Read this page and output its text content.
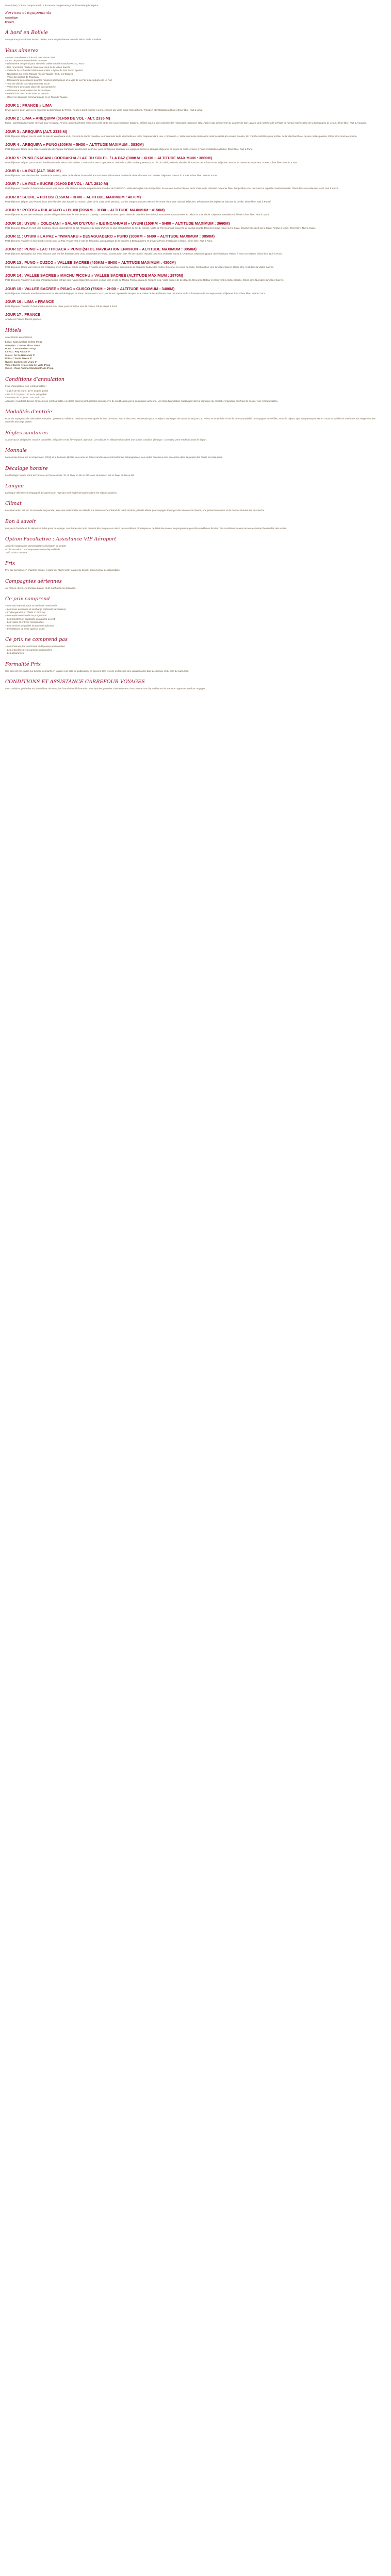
Description (1 à une composante) : 1 à une une composante pour formulaire (Livre) peru
Services et équipements
Conseiliger
Enquiry
À bord en Bolivie
Le royaume poussément de non petites, sous les plus beaux rates du Pérou et de la Bolivie.
Vous aimerez
– À vos connaissance à le voir pour de sa coter
– C'est de penser ensemble le tourisme
– Découverte des principaux site de la Vallée Sacrée / Machu Picchu, Puno
– Des rencontres hôtelles contes au cœur de la Vallée Sacrée
– Visite de la « Chapelle Sixtine des Andes » église de San Pedro Apóstol
– Navigation sur le lac Titicaca / île de Taquile / le 8 / les Tarqués
– Visite des jardins de Tiwanaku
– Découverte des espaces pour les maisons géologiques et la ville de La Paz à la coutume de La Paz
– Tour de ville de Cochabamba bata Sucre
– Visite d'une des super place de sous propriété
– Découverte du cimetière des locomotives
– Balade à la marche de Salar au Ojo Dé
– Observer dans une communautaire en le Tous de Tauqué
JOUR 1 : FRANCE » LIMA
Envol avec le pour: vers en le rayonner la desirbeaux du Pérou. Repas à bord. Arrivée à Lima. Accueil par votre guide francophone. Transfert et installation à l'hôtel. Dîner libre. Nuit à Lima.
JOUR 2 : LIMA » AREQUIPA (01H50 DE VOL - ALT. 2335 M)
Matin : transfert à l'aéroport et envol pour Arequipa. Arrivée, accueil à l'hôtel. Visite de la ville et de son couvent Sainte-Catalina, célébré pour la cité coloniale des religieuses. Déjeuner libre. Après-midi, découverte du quartier de San Lazaro, des marchés de la Plaza de Armas et de l'église de la Compagnie de Jésus. Dîner libre. Nuit à Arequipa.
JOUR 3 : AREQUIPA (ALT. 2335 M)
Petit-déjeuner. Départ pour la visite du site de Yanahuara et du couvent de Santa Catalina, un monument de la ville fondé en 1579. Déjeuner dans une « Picantería ». Visite du musée Santuarios Andinos dédié à la momie Juanita. Fin d'après-midi libre pour profiter de la ville blanche et de ses ruelles pavées. Dîner libre. Nuit à Arequipa.
JOUR 4 : AREQUIPA » PUNO (200KM – 5H30 – ALTITUDE MAXIMUM : 3830M)
Petit-déjeuner. Route de la réserve naturelle de Pampa Cañahuas en direction de Puno, avec arrêts pour observer les vigognes, lamas et alpagas. Déjeuner en cours de route. Arrivée à Puno. Installation à l'hôtel. Dîner libre. Nuit à Puno.
JOUR 5 : PUNO / KASANI / CORDAKHA / LAC DU SOLEIL / LA PAZ (300KM – 6H30 – ALTITUDE MAXIMUM : 3860M)
Petit-déjeuner. Départ pour Kasani, frontière entre le Pérou et la Bolivie. Continuation vers Copacabana. Visite de la ville. Embarquement pour l'île du Soleil, visite du site de Chincana et des ruines incas. Déjeuner. Retour en bateau et route vers La Paz. Dîner libre. Nuit à La Paz.
JOUR 6 : LA PAZ (ALT. 3640 M)
Petit-déjeuner. Journée dans les quartiers de La Paz, visite de la ville et du marché aux sorcières. Découverte du site de Tiwanaku avec son musée. Déjeuner. Retour à La Paz. Dîner libre. Nuit à La Paz.
JOUR 7 : LA PAZ » SUCRE (01H00 DE VOL - ALT. 2810 M)
Petit-déjeuner. Transfert à l'aéroport et envol vers Sucre, ville blanche inscrite au patrimoine mondial de l'UNESCO. Visite de l'église San Felipe Neri, du couvent La Recoleta et de la Casa de la Libertad. Déjeuner libre. Temps libre pour découvrir la capitale constitutionnelle. Dîner dans un restaurant local. Nuit à Sucre.
JOUR 8 : SUCRE » POTOSI (155KM – 3H00 – ALTITUDE MAXIMUM : 4070M)
Petit-déjeuner. Départ pour Potosí, l'une des villes les plus hautes du monde. Visite de la Casa de la Moneda, la mine d'argent du Cerro Rico et le centre historique colonial. Déjeuner. Découverte des églises et balcons de la ville. Dîner libre. Nuit à Potosí.
JOUR 9 : POTOSI » PULACAYO » UYUNI (205KM – 3H30 – ALTITUDE MAXIMUM : 4150M)
Petit-déjeuner. Route vers Pulacayo, ancien village minier avec le train de Butch Cassidy. Continuation vers Uyuni. Visite du cimetière des trains, locomotives abandonnées au début du XXe siècle. Déjeuner. Installation à l'hôtel. Dîner libre. Nuit à Uyuni.
JOUR 10 : UYUNI » COLCHANI » SALAR D'UYUNI » ILE INCAHUASI » UYUNI (150KM – 5H00 – ALTITUDE MAXIMUM : 3660M)
Petit-déjeuner. Départ en 4x4 vers Colchani et ses coopératives de sel. Traversée du Salar d'Uyuni, le plus grand désert de sel du monde. Visite de l'île Incahuasi couverte de cactus géants. Déjeuner pique-nique sur le Salar. Coucher de soleil sur le Salar. Retour à Uyuni. Dîner libre. Nuit à Uyuni.
JOUR 11 : UYUNI » LA PAZ » TIWANAKU » DESAGUADERO » PUNO (300KM – 5H00 – ALTITUDE MAXIMUM : 3850M)
Petit-déjeuner. Transfert à l'aéroport et envol pour La Paz. Route vers le site de Tiwanaku, puis passage de la frontière à Desaguadero et arrivée à Puno. Installation à l'hôtel. Dîner libre. Nuit à Puno.
JOUR 12 : PUNO » LAC TITICACA » PUNO (5H DE NAVIGATION ENVIRON – ALTITUDE MAXIMUM : 3950M)
Petit-déjeuner. Navigation sur le lac Titicaca vers les îles flottantes des Uros, construites en totora. Continuation vers l'île de Taquile, réputée pour son art textile inscrit à l'UNESCO. Déjeuner typique chez l'habitant. Retour à Puno en bateau. Dîner libre. Nuit à Puno.
JOUR 13 : PUNO » CUZCO » VALLEE SACREE (450KM – 8H00 – ALTITUDE MAXIMUM : 4300M)
Petit-déjeuner. Route vers Cuzco par l'Altiplano, avec arrêts au col de La Raya, à Raqchi et à Andahuaylillas, surnommée la Chapelle Sixtine des Andes. Déjeuner en cours de route. Continuation vers la Vallée Sacrée. Dîner libre. Nuit dans la Vallée Sacrée.
JOUR 14 : VALLEE SACREE » MACHU PICCHU » VALLEE SACREE (ALTITUDE MAXIMUM : 2870M)
Petit-déjeuner. Transfert à la gare d'Ollantaytambo et train pour Aguas Calientes. Montée en bus vers le site du Machu Picchu, joyau de l'empire inca. Visite guidée de la citadelle. Déjeuner. Retour en train vers la Vallée Sacrée. Dîner libre. Nuit dans la Vallée Sacrée.
JOUR 15 : VALLEE SACREE » PISAC » CUSCO (75KM – 2H00 – ALTITUDE MAXIMUM : 3400M)
Petit-déjeuner. Visite du marché artisanal et du site archéologique de Pisac. Route vers Cuzco, ancienne capitale de l'empire inca. Visite de la cathédrale, du Coricancha et de la forteresse de Sacsayhuamán. Déjeuner libre. Dîner libre. Nuit à Cuzco.
JOUR 16 : LIMA » FRANCE
Petit-déjeuner. Transfert à l'aéroport et envol pour Lima, puis vol retour vers la France. Dîner et nuit à bord.
JOUR 17 : FRANCE
Arrivée en France dans la journée.
Hôtels
sélectionnés ou similaires
Lima : Casa Andina Colors 3*sup
Arequipa : Casona Plaza 3*sup
Puno : Casona Plaza 3*sup
La Paz : Rey Palace 3*
Sucre : De Sa Hernandé 3*
Potosí : Santa Teresa 3*
Uyuni : Jardines de Uyuni 3*
Vallée Sacrée : Hacienda del Valle 3*sup
Cuzco : Casa Andina Standard Plaza 3*sup
Conditions d'annulation
Frais d'annulation, non remboursables :
– à plus de 60 jours : 10 % du prix global
– De 60 à 31 jours : 30 % du prix global
– À moins de 31 jours : 100 % du prix
Attention : tout billet d'avion émis est non remboursable. Les tarifs aériens sont garantis sous réserve de modification par la compagnie aérienne. Les frais d'annulation s'appliquent dès la signature du contrat et s'ajoutent aux frais de dossier non remboursables.
Modalités d'entrée
Pour les voyageurs de nationalité française : passeport valide au minimum 6 mois après la date de retour. Aucun visa n'est nécessaire pour un séjour touristique de moins de 90 jours au Pérou et en Bolivie. Il est de la responsabilité du voyageur de vérifier, avant le départ, que son passeport est en cours de validité et conforme aux exigences des autorités des pays visités.
Règles sanitaires
Aucun vaccin obligatoire. Vaccins conseillés : hépatite A et B, fièvre jaune, typhoïde. Les séjours en altitude nécessitent une bonne condition physique ; consultez votre médecin avant le départ.
Monnaie
La monnaie locale est le sol péruvien (PEN) et le boliviano (BOB). Les euros et dollars américains sont facilement échangeables. Les cartes bancaires sont acceptées dans la plupart des hôtels et restaurants.
Décalage horaire
Le décalage horaire entre la France et le Pérou est de -7h en hiver et -6h en été. Avec la Bolivie : -6h en hiver et -5h en été.
Langue
La langue officielle est l'espagnol. Le quechua et l'aymara sont également parlés dans les régions andines.
Climat
Le climat andin est sec et ensoleillé en journée, avec des nuits froides en altitude. La saison sèche s'étend de mai à octobre, période idéale pour voyager. Prévoyez des vêtements chauds, une protection solaire et de bonnes chaussures de marche.
Bon à savoir
Les jours d'arrivée et de départ sont des jours de voyage. Les étapes de route peuvent être longues en raison des conditions climatiques et de l'état des routes. Le programme peut être modifié en fonction des conditions locales tout en respectant l'ensemble des visites.
Option Facultative : Assistance VIP Aéroport
Accueil et assistance personnalisée à l'aéroport de départ
Accès au salon d'embarquement selon disponibilités
Tarif : nous consulter
Prix
Prix par personne en chambre double, à partir de. Tarifs selon la date de départ, sous réserve de disponibilité.
Compagnies aériennes
Air France, Iberia, Air Europa, Latam, KLM, Lufthansa ou similaires.
Ce prix comprend
– Les vols internationaux et intérieurs mentionnés
– Les taxes aériennes et surcharge carburant (révisables)
– L'hébergement en hôtels 3* et 3*sup
– Les repas mentionnés au programme
– Les transferts et transports en autocar ou 4x4
– Les visites et entrées mentionnées
– Les services de guides locaux francophones
– L'assistance de notre agence locale
Ce prix ne comprend pas
– Les boissons, les pourboires et dépenses personnelles
– Les repas libres et excursions optionnelles
– Les assurances
Formalité Prix
Ces prix ont été établis sur la base des tarifs en vigueur à la date de publication. Ils peuvent être révisés en fonction des variations des taux de change et du coût du carburant.
CONDITIONS ET ASSISTANCE CARREFOUR VOYAGES
Les conditions générales et particulières de vente, les formulaires d'information ainsi que les garanties d'assistance et d'assurance sont disponibles sur le site et en agence Carrefour Voyages.
